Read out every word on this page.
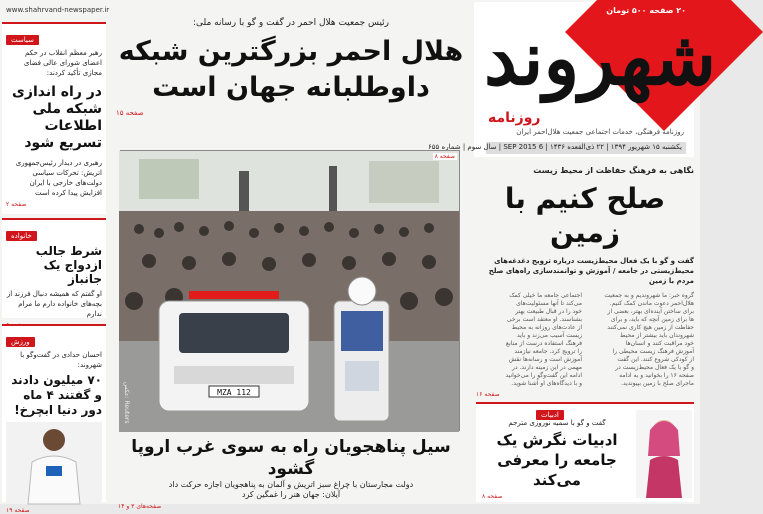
www.shahrvand-newspaper.ir	۲۰ صفحه ۵۰۰ تومان
شهروند
روزنامه
روزنامه فرهنگی، خدمات اجتماعی جمعیت هلال‌احمر ایران
یکشنبه ۱۵ شهریور ۱۳۹۴ | ۲۲ ذی‌القعده ۱۴۳۶ | 6 SEP 2015 | سال سوم | شماره ۶۵۵
سیاست
رهبر معظم انقلاب در حکم اعضای شورای عالی فضای مجازی تأکید کردند:
در راه اندازی شبکه ملی اطلاعات تسریع شود
رهبری در دیدار رئیس‌جمهوری اتریش: تحرکات سیاسی دولت‌های خارجی با ایران افزایش پیدا کرده است
صفحه ۲
خانواده
شرط جالب ازدواج یک جانباز
او گفتم که همیشه دنبال فرزند از بچه‌های خانواده دارم ما مرام ندارم
ورزش
احسان حدادی در گفت‌وگو با شهروند:
۷۰ میلیون دادند و گفتند ۴ ماه دور دنیا ابچرخ!
صفحه ۱۹
رئیس جمعیت هلال احمر در گفت و گو با رسانه ملی:
هلال احمر بزرگترین شبکه
داوطلبانه جهان است
صفحه ۱۵
MZA 112
عکس: Reuters
صفحه ۸
سیل پناهجویان راه به سوی غرب اروپا گشود
دولت مجارستان با چراغ سبز اتریش و آلمان به پناهجویان اجازه حرکت داد
آیلان: جهان هنر را غمگین کرد
صفحه‌های ۳ و ۱۴
نگاهی به فرهنگ حفاظت از محیط زیست
صلح کنیم با زمین
گفت و گو با یک فعال محیط‌زیست درباره ترویج دغدغه‌های
محیط‌زیستی در جامعه / آموزش و توانمندسازی راه‌های صلح مردم با زمین
گروه خبر: ما شهروندیم و به جمعیت
هلال‌احمر دعوت ماندن کمک کنیم.
برای ساختن آینده‌ای بهتر، بعضی از
ها برای زمین آنچه که باید، و برای
حفاظت از زمین هیچ کاری نمی‌کنند
شهروندان باید بیشتر از محیط
خود مراقبت کنند و انسان‌ها
آموزش فرهنگ زیست محیطی را
از کودکی شروع کنند. این گفت
و گو با یک فعال محیط‌زیست در
صفحه ۱۶ را بخوانید و به ادامه
ماجرای صلح با زمین بپیوندید.
اجتماعی جامعه ما خیلی کمک
می‌کند تا آنها مسئولیت‌های
خود را در قبال طبیعت بهتر
بشناسند. او معتقد است برخی
از عادت‌های روزانه به محیط
زیست آسیب می‌زند و باید
فرهنگ استفاده درست از منابع
را ترویج کرد. جامعه نیازمند
آموزش است و رسانه‌ها نقش
مهمی در این زمینه دارند. در
ادامه این گفت‌وگو را می‌خوانید
و با دیدگاه‌های او آشنا شوید.
صفحه ۱۶
ادبیات
گفت و گو با سمیه نوروزی مترجم
ادبیات نگرش یک جامعه را معرفی می‌کند
صفحه ۸
